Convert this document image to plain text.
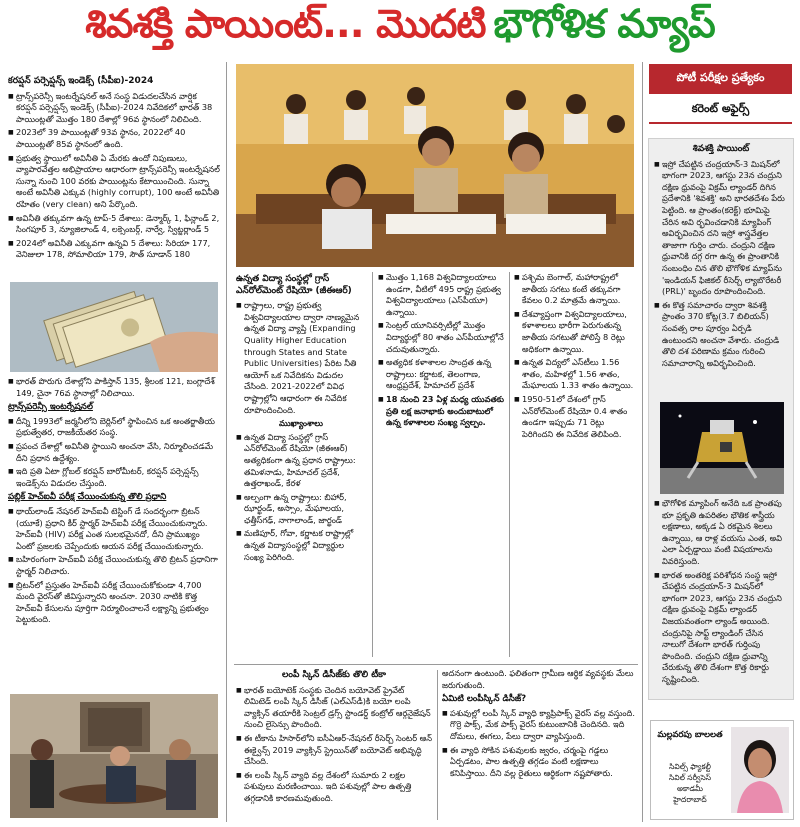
శివశక్తి పాయింట్... మొదటి భౌగోళిక మ్యాప్
కరప్షన్‌ పర్సెప్షన్స్‌ ఇండెక్స్‌ (సీపీఐ)-2024
■ ట్రాన్స్‌పరెన్సీ ఇంటర్నేషనల్‌ అనే సంస్థ విడుదలచేసిన వార్షిక కరప్షన్‌ పర్సెప్షన్స్‌ ఇండెక్స్‌ (సీపీఐ)-2024 నివేదికలో భారత్‌ 38 పాయింట్లతో మొత్తం 180 దేశాల్లో 96వ స్థానంలో నిలిచింది.
■ 2023లో 39 పాయింట్లతో 93వ స్థానం, 2022లో 40 పాయింట్లతో 85వ స్థానంలో ఉంది.
■ ప్రభుత్వ స్థాయిలో అవినీతి ఏ మేరకు ఉందో నిపుణులు, వ్యాపారవేత్తల అభిప్రాయాల ఆధారంగా ట్రాన్స్‌పరెన్సీ ఇంటర్నేషనల్‌ సున్నా నుంచి 100 వరకు పాయింట్లను కేటాయించింది. సున్నా అంటే అవినీతి ఎక్కువ (highly corrupt), 100 అంటే అవినీతి రహితం (very clean) అని పేర్కొంది.
■ అవినీతి తక్కువగా ఉన్న టాప్‌-5 దేశాలు: డెన్మార్క్‌ 1, ఫిన్లాండ్‌ 2, సింగపూర్‌ 3, న్యూజిలాండ్‌ 4, లక్సెంబర్గ్‌, నార్వే, స్విట్జర్లాండ్‌ 5
■ 2024లో అవినీతి ఎక్కువగా ఉన్నవి 5 దేశాలు: సిరియా 177, వెనిజులా 178, సోమాలియా 179, సౌత్‌ సూడాన్‌ 180
■ భారత్‌ పొరుగు దేశాల్లోని పాకిస్తాన్‌ 135, శ్రీలంక 121, బంగ్లాదేశ్‌ 149, చైనా 76వ స్థానాల్లో నిలిచాయి.
ట్రాన్స్‌పరెన్సీ ఇంటర్నేషనల్‌
■ దీన్ని 1993లో జర్మనీలోని బెర్లిన్‌లో స్థాపించిన ఒక అంతర్జాతీయ ప్రభుత్వేతర, రాజకీయేతర సంస్థ.
■ ప్రపంచ దేశాల్లో అవినీతి స్థాయిని అంచనా వేసి, నిర్మూలించడమే దీని ప్రధాన ఉద్దేశ్యం.
■ ఇది ప్రతి ఏటా గ్లోబల్‌ కరప్షన్‌ బారోమీటర్‌, కరప్షన్‌ పర్సెప్షన్స్‌ ఇండెక్స్‌ను విడుదల చేస్తుంది.
పబ్లిక్‌ హెచ్‌ఐవీ పరీక్ష చేయించుకున్న తొలి ప్రధాని
■ థాయ్‌లాండ్‌ నేషనల్‌ హెచ్‌ఐవీ టెస్టింగ్‌ డే సందర్భంగా బ్రిటన్‌ (యూకే) ప్రధాని కీర్‌ స్టార్మర్‌ హెచ్‌ఐవీ పరీక్ష చేయించుకున్నారు. హెచ్‌ఐవీ (HIV) పరీక్ష ఎంత సులభమైనదో, దీని ప్రాముఖ్యం ఏంటో ప్రజలకు చెప్పేందుకు ఆయన పరీక్ష చేయించుకున్నారు.
■ బహిరంగంగా హెచ్‌ఐవీ పరీక్ష చేయించుకున్న తొలి బ్రిటన్‌ ప్రధానిగా స్టార్మర్‌ నిలిచారు.
■ బ్రిటన్‌లో ప్రస్తుతం హెచ్‌ఐవీ పరీక్ష చేయించుకోకుండా 4,700 మంది వైరస్‌తో జీవిస్తున్నారని అంచనా. 2030 నాటికి కొత్త హెచ్‌ఐవీ కేసులను పూర్తిగా నిర్మూలించాలనే లక్ష్యాన్ని ప్రభుత్వం పెట్టుకుంది.
ఉన్నత విద్యా సంస్థల్లో గ్రాస్‌ ఎన్‌రోల్‌మెంట్‌ రేషియో (జీఈఆర్‌)
■ రాష్ట్రాలు, రాష్ట్ర ప్రభుత్వ విశ్వవిద్యాలయాల ద్వారా నాణ్యమైన ఉన్నత విద్యా వ్యాప్తి (Expanding Quality Higher Education through States and State Public Universities) పేరిట నీతి ఆయోగ్‌ ఒక నివేదికను విడుదల చేసింది. 2021-2022లో వివిధ రాష్ట్రాల్లోని ఆధారంగా ఈ నివేదిక రూపొందించింది.
ముఖ్యాంశాలు
■ ఉన్నత విద్యా సంస్థల్లో గ్రాస్‌ ఎన్‌రోల్‌మెంట్‌ రేషియో (జీఈఆర్‌) అత్యధికంగా ఉన్న ప్రధాన రాష్ట్రాలు: తమిళనాడు, హిమాచల్‌ ప్రదేశ్‌, ఉత్తరాఖండ్‌, కేరళ
■ అల్పంగా ఉన్న రాష్ట్రాలు: బిహార్‌, ఝార్ఖండ్‌, అస్సాం, మేఘాలయ, ఛత్తీస్‌గఢ్‌, నాగాలాండ్‌, జార్ఖండ్‌
■ మణిపూర్‌, గోవా, కర్ణాటక రాష్ట్రాల్లో ఉన్నత విద్యాసంస్థల్లో విద్యార్థుల సంఖ్య పెరిగింది.
■ మొత్తం 1,168 విశ్వవిద్యాలయాలు ఉండగా, వీటిలో 495 రాష్ట్ర ప్రభుత్వ విశ్వవిద్యాలయాలు (ఎస్‌పీయూ) ఉన్నాయి.
■ సెంట్రల్‌ యూనివర్సిటీల్లో మొత్తం విద్యార్థుల్లో 80 శాతం ఎస్‌పీయూల్లోనే చదువుతున్నారు.
■ అత్యధిక కళాశాలల సాంద్రత ఉన్న రాష్ట్రాలు: కర్ణాటక, తెలంగాణ, ఆంధ్రప్రదేశ్‌, హిమాచల్‌ ప్రదేశ్‌
■ 18 నుంచి 23 ఏళ్ల మధ్య యువతకు ప్రతి లక్ష జనాభాకు అందుబాటులో ఉన్న కళాశాలల సంఖ్య స్వల్పం.
■ పశ్చిమ బెంగాల్‌, మహారాష్ట్రలో జాతీయ సగటు కంటే తక్కువగా కేవలం 0.2 మాత్రమే ఉన్నాయి.
■ దేశవ్యాప్తంగా విశ్వవిద్యాలయాలు, కళాశాలలు భారీగా పెరుగుతున్న జాతీయ సగటుతో పోలిస్తే 8 రెట్లు అధికంగా ఉన్నాయి.
■ ఉన్నత విద్యలో ఎస్‌టీలు 1.56 శాతం, మహిళల్లో 1.56 శాతం, మేఘాలయ 1.33 శాతం ఉన్నాయి.
■ 1950-51లో దేశంలో గ్రాస్‌ ఎన్‌రోల్‌మెంట్‌ రేషియో 0.4 శాతం ఉండగా ఇప్పుడు 71 రెట్లు పెరిగిందని ఈ నివేదిక తెలిపింది.
లంపీ స్కిన్‌ డిసీజ్‌కు తొలి టీకా
■ భారత్‌ బయోటెక్‌ సంస్థకు చెందిన బయోవెట్‌ ప్రైవేట్‌ లిమిటెడ్‌ లంపీ స్కిన్‌ డిసీజ్‌ (ఎల్‌ఎస్‌డీ)కి బయో లంపి వ్యాక్సిన్‌ తయారీకి సెంట్రల్‌ డ్రగ్స్‌ స్టాండర్డ్‌ కంట్రోల్‌ ఆర్గనైజేషన్‌ నుంచి లైసెన్సు పొందింది.
■ ఈ టీకాను హిసార్‌లోని ఐసీఏఆర్‌-నేషనల్‌ రీసెర్చ్‌ సెంటర్‌ ఆన్‌ ఈక్వైన్స్‌ 2019 వ్యాక్సిన్‌ స్ట్రెయిన్‌తో బయోవెట్‌ అభివృద్ధి చేసింది.
■ ఈ లంపీ స్కిన్‌ వ్యాధి వల్ల దేశంలో సుమారు 2 లక్షల పశువులు మరణించాయి. ఇది పశువుల్లో పాల ఉత్పత్తి తగ్గడానికి కారణమవుతుంది.
అదనంగా ఉంటుంది. ఫలితంగా గ్రామీణ ఆర్థిక వ్యవస్థకు మేలు జరుగుతుంది.
ఏమిటి లంపీస్కిన్‌ డిసీజ్‌?
■ పశువుల్లో లంపీ స్కిన్‌ వ్యాధి క్యాప్రిపాక్స్‌ వైరస్‌ వల్ల వస్తుంది. గొర్రె పాక్స్‌, మేక పాక్స్‌ వైరస్‌ కుటుంబానికి చెందినది. ఇది దోమలు, ఈగలు, పేలు ద్వారా వ్యాపిస్తుంది.
■ ఈ వ్యాధి సోకిన పశువులకు జ్వరం, చర్మంపై గడ్డలు ఏర్పడటం, పాల ఉత్పత్తి తగ్గడం వంటి లక్షణాలు కనిపిస్తాయి. దీని వల్ల రైతులు ఆర్థికంగా నష్టపోతారు.
పోటీ పరీక్షల ప్రత్యేకం
కరెంట్ అఫైర్స్
శివశక్తి పాయింట్
■ ఇస్రో చేపట్టిన చంద్రయాన్‌-3 మిషన్‌లో భాగంగా 2023, ఆగస్టు 23న చంద్రుని దక్షిణ ధ్రువంపై విక్రమ్‌ ల్యాండర్‌ దిగిన ప్రదేశానికి 'శివశక్తి' అని భారతదేశం పేరు పెట్టింది. ఆ ప్రాంతం(కరెక్ట్‌) భూమిపై చేరిన అవి ర్భవించడానికి మ్యాపింగ్‌ అవిర్భవించిన దని ఇస్రో శాస్త్రవేత్తల తాజాగా గుర్తిం చారు. చంద్రుని దక్షిణ ధ్రువానికి దగ్గ రగా ఉన్న ఈ ప్రాంతానికి సంబంధిం చిన తొలి భౌగోళిక మ్యాప్‌ను 'ఇండియన్‌ ఫిజికల్‌ రీసెర్చ్‌ ల్యాబొరేటరీ (PRL)' బృందం రూపొందించింది.
■ ఈ కొత్త సమాచారం ద్వారా శివశక్తి ప్రాంతం 370 కోట్ల(3.7 బిలియన్‌) సంవత్స రాల పూర్వం ఏర్పడి ఉంటుందని అంచనా వేశారు. చంద్రుడి తొలి దశ పరిణామ క్రమం గురించి సమాచారాన్ని అవిర్భవించింది.
■ భౌగోళిక మ్యాపింగ్‌ అనేది ఒక ప్రాంతపు భూ ప్రకృతి ఉపరితల భౌతిక శాస్త్రీయ లక్షణాలు, అక్కడ ఏ రకమైన శిలలు ఉన్నాయి, ఆ రాళ్ల వయసు ఎంత, అవి ఎలా ఏర్పడ్డాయి వంటి విషయాలను వివరిస్తుంది.
■ భారత అంతరిక్ష పరిశోధన సంస్థ ఇస్రో చేపట్టిన చంద్రయాన్‌-3 మిషన్‌లో భాగంగా 2023, ఆగస్టు 23న చంద్రుని దక్షిణ ధ్రువంపై విక్రమ్‌ ల్యాండర్‌ విజయవంతంగా ల్యాండ్‌ అయింది. చంద్రునిపై సాఫ్ట్‌ ల్యాండింగ్‌ చేసిన నాలుగో దేశంగా భారత్‌ గుర్తింపు పొందింది. చంద్రుని దక్షిణ ధ్రువాన్ని చేరుకున్న తొలి దేశంగా కొత్త రికార్డు సృష్టించింది.
మల్లవరపు బాలలత
సివిల్స్‌ ఫ్యాకల్టీ
సివిల్‌ సర్వీసెస్‌ అకాడమీ
హైదరాబాద్‌
